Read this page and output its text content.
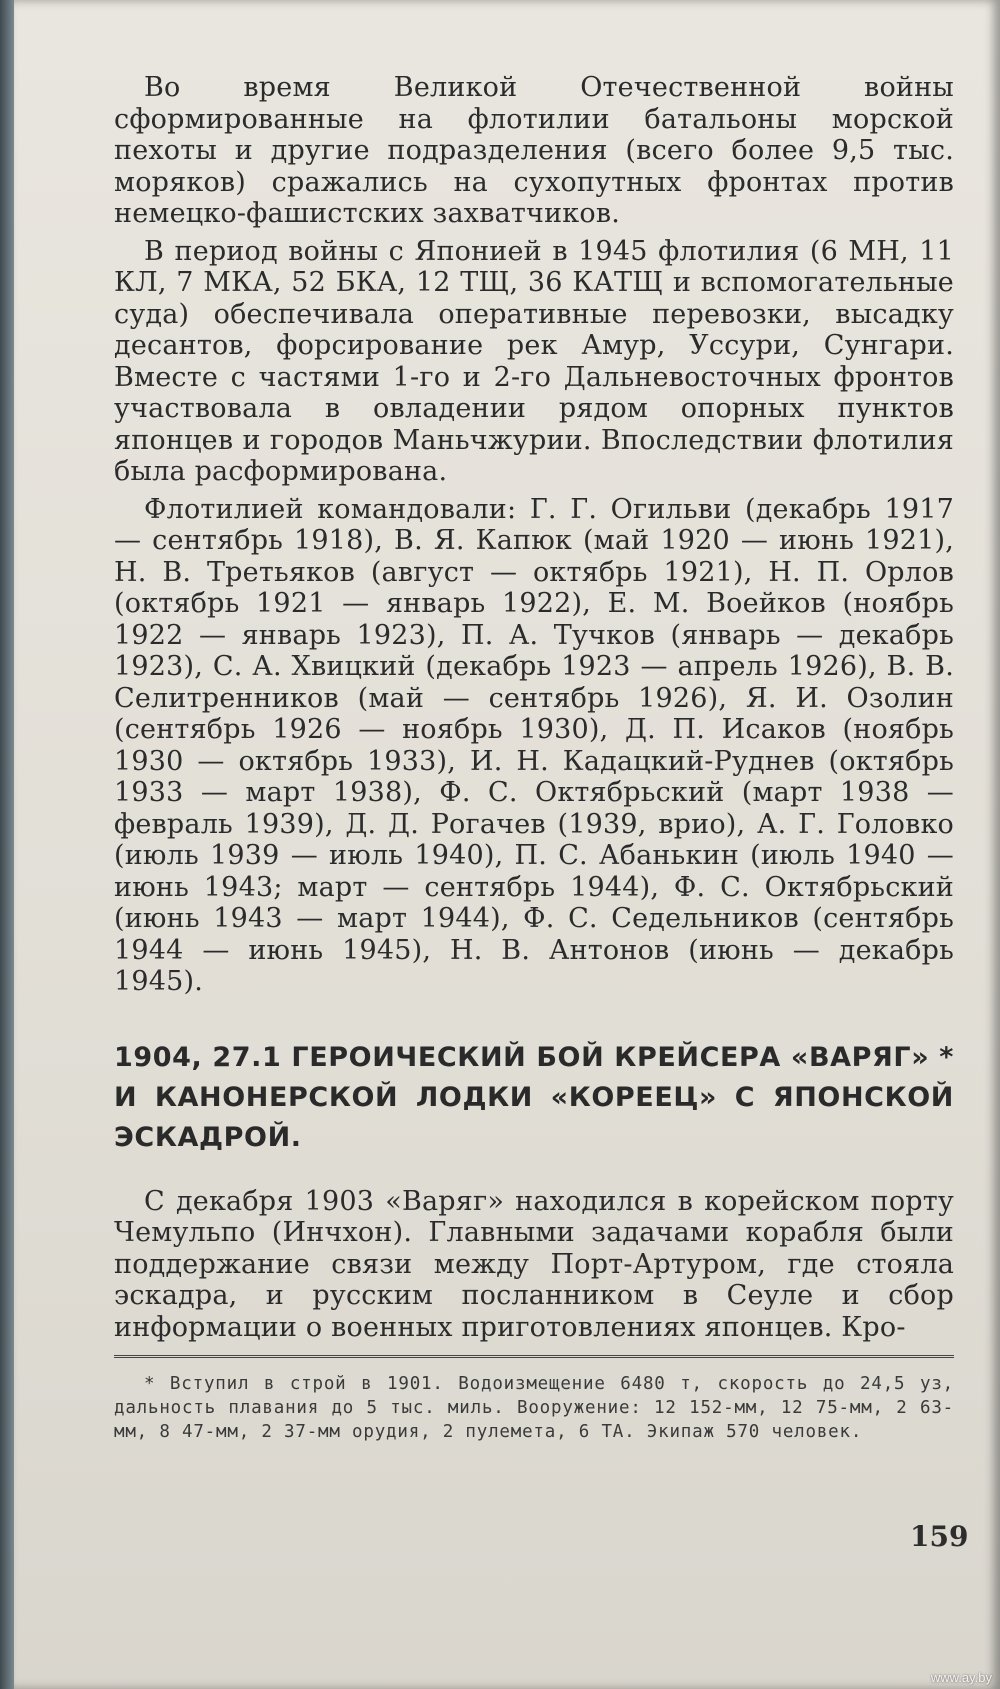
Во время Великой Отечественной войны сформированные на флотилии батальоны морской пехоты и другие подразделения (всего более 9,5 тыс. моряков) сражались на сухопутных фронтах против немецко-фашистских захватчиков.

В период войны с Японией в 1945 флотилия (6 МН, 11 КЛ, 7 МКА, 52 БКА, 12 ТЩ, 36 КАТЩ и вспомогательные суда) обеспечивала оперативные перевозки, высадку десантов, форсирование рек Амур, Уссури, Сунгари. Вместе с частями 1-го и 2-го Дальневосточных фронтов участвовала в овладении рядом опорных пунктов японцев и городов Маньчжурии. Впоследствии флотилия была расформирована.

Флотилией командовали: Г. Г. Огильви (декабрь 1917 — сентябрь 1918), В. Я. Капюк (май 1920 — июнь 1921), Н. В. Третьяков (август — октябрь 1921), Н. П. Орлов (октябрь 1921 — январь 1922), Е. М. Воейков (ноябрь 1922 — январь 1923), П. А. Тучков (январь — декабрь 1923), С. А. Хвицкий (декабрь 1923 — апрель 1926), В. В. Селитренников (май — сентябрь 1926), Я. И. Озолин (сентябрь 1926 — ноябрь 1930), Д. П. Исаков (ноябрь 1930 — октябрь 1933), И. Н. Кадацкий-Руднев (октябрь 1933 — март 1938), Ф. С. Октябрьский (март 1938 — февраль 1939), Д. Д. Рогачев (1939, врио), А. Г. Головко (июль 1939 — июль 1940), П. С. Абанькин (июль 1940 — июнь 1943; март — сентябрь 1944), Ф. С. Октябрьский (июнь 1943 — март 1944), Ф. С. Седельников (сентябрь 1944 — июнь 1945), Н. В. Антонов (июнь — декабрь 1945).

1904, 27.1 ГЕРОИЧЕСКИЙ БОЙ КРЕЙСЕРА «ВАРЯГ» * И КАНОНЕРСКОЙ ЛОДКИ «КОРЕЕЦ» С ЯПОНСКОЙ ЭСКАДРОЙ.

С декабря 1903 «Варяг» находился в корейском порту Чемульпо (Инчхон). Главными задачами корабля были поддержание связи между Порт-Артуром, где стояла эскадра, и русским посланником в Сеуле и сбор информации о военных приготовлениях японцев. Кро-

* Вступил в строй в 1901. Водоизмещение 6480 т, скорость до 24,5 уз, дальность плавания до 5 тыс. миль. Вооружение: 12 152-мм, 12 75-мм, 2 63-мм, 8 47-мм, 2 37-мм орудия, 2 пулемета, 6 ТА. Экипаж 570 человек.

159
www.ay.by
